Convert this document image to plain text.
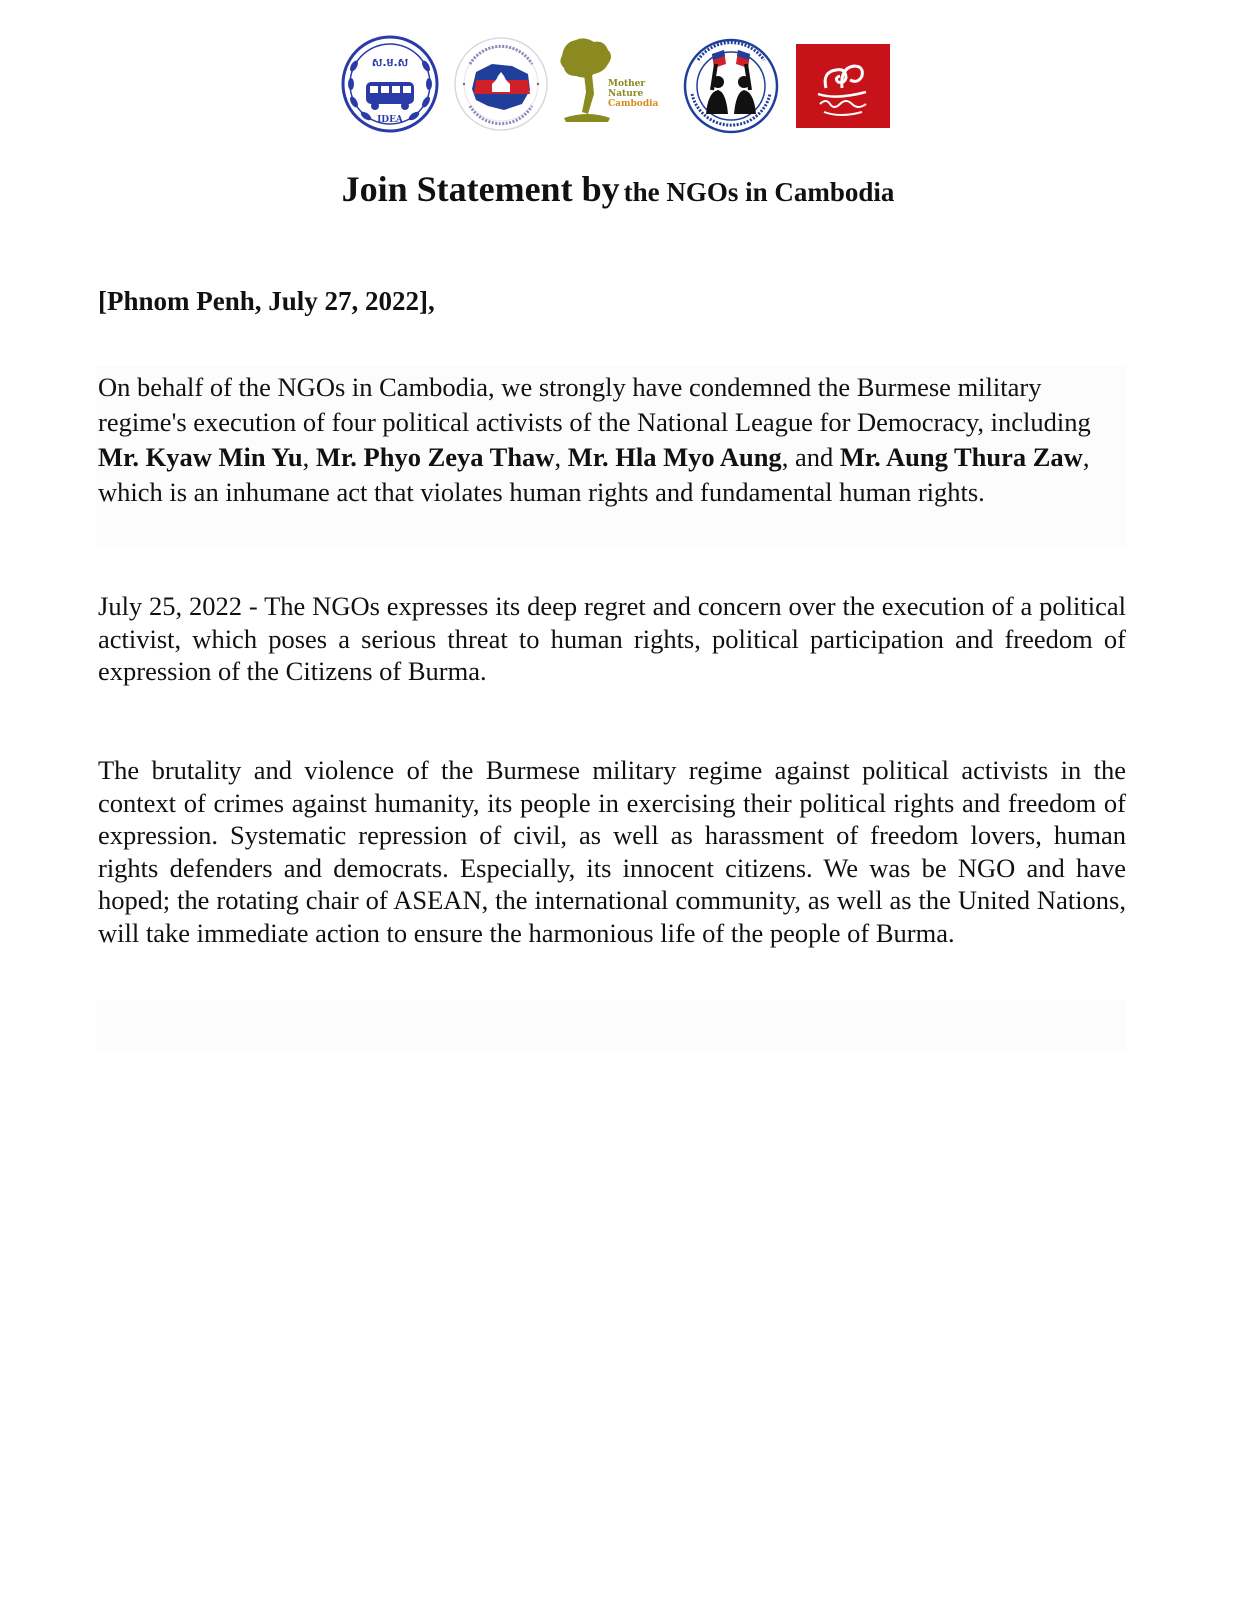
ស.ម.ស
IDEA
Mother
Nature
Cambodia
Join Statement by the NGOs in Cambodia

[Phnom Penh, July 27, 2022],

On behalf of the NGOs in Cambodia, we strongly have condemned the Burmese military regime's execution of four political activists of the National League for Democracy, including Mr. Kyaw Min Yu, Mr. Phyo Zeya Thaw, Mr. Hla Myo Aung, and Mr. Aung Thura Zaw, which is an inhumane act that violates human rights and fundamental human rights.

July 25, 2022 - The NGOs expresses its deep regret and concern over the execution of a political activist, which poses a serious threat to human rights, political participation and freedom of expression of the Citizens of Burma.

The brutality and violence of the Burmese military regime against political activists in the context of crimes against humanity, its people in exercising their political rights and freedom of expression. Systematic repression of civil, as well as harassment of freedom lovers, human rights defenders and democrats. Especially, its innocent citizens. We was be NGO and have hoped; the rotating chair of ASEAN, the international community, as well as the United Nations, will take immediate action to ensure the harmonious life of the people of Burma.
